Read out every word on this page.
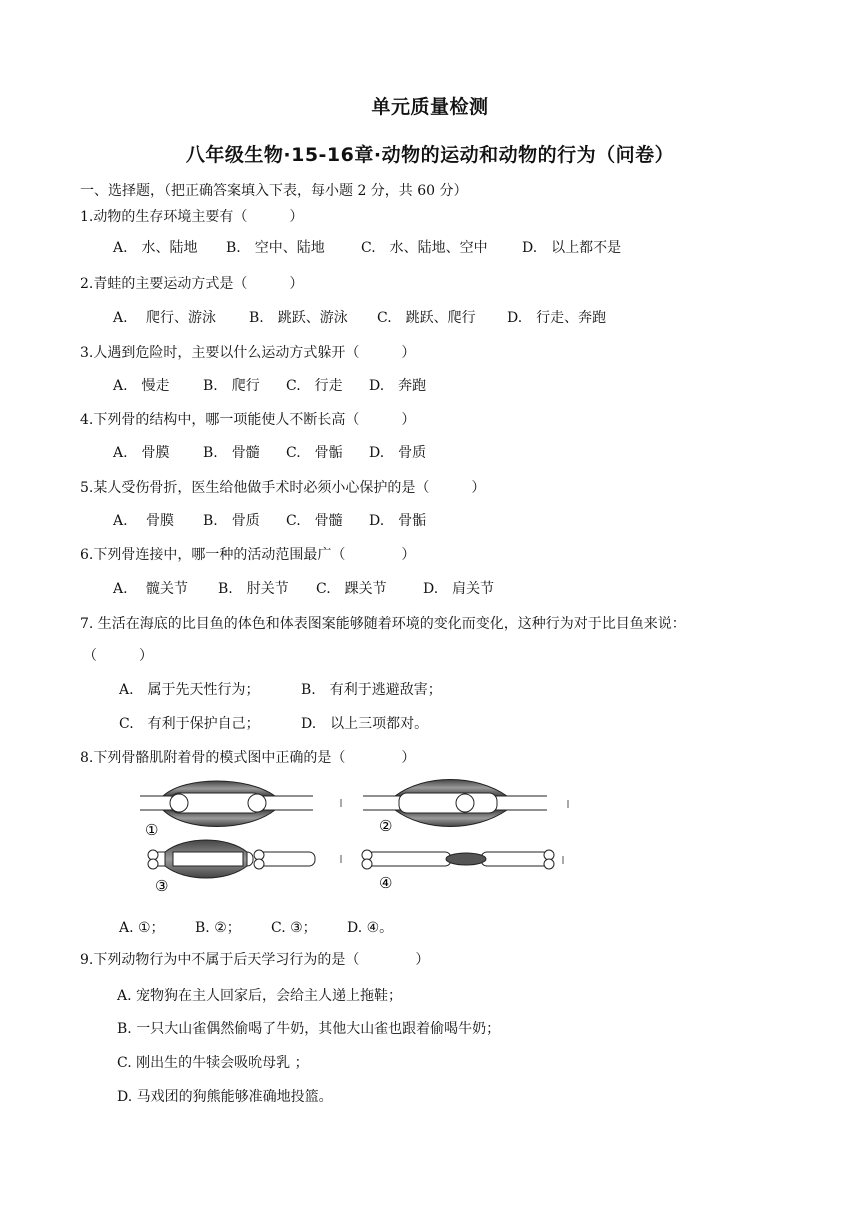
单元质量检测
八年级生物·15-16章·动物的运动和动物的行为（问卷）
一、选择题，（把正确答案填入下表，每小题 2 分，共 60 分）
1.动物的生存环境主要有（　　　）
A.　水、陆地 B.　空中、陆地	C.　水、陆地、空中 D.　以上都不是
2.青蛙的主要运动方式是（　　　）
A.　 爬行、游泳 B.　跳跃、游泳 C.　跳跃、爬行 D.　行走、奔跑
3.人遇到危险时，主要以什么运动方式躲开（　　　）
A.　慢走 B.　爬行 C.　行走 D.　奔跑
4.下列骨的结构中，哪一项能使人不断长高（　　　）
A.　骨膜 B.　骨髓 C.　骨骺 D.　骨质
5.某人受伤骨折，医生给他做手术时必须小心保护的是（　　　）
A.　 骨膜 B.　骨质 C.　骨髓 D.　骨骺
6.下列骨连接中，哪一种的活动范围最广（　　　　）
A.　 髋关节 B.　肘关节 C.　踝关节	D.　肩关节
7. 生活在海底的比目鱼的体色和体表图案能够随着环境的变化而变化，这种行为对于比目鱼来说：
（　　　）
A.　属于先天性行为；	B.　有利于逃避敌害；
C.　有利于保护自己；	D.　以上三项都对。
8.下列骨骼肌附着骨的模式图中正确的是（　　　　）
①	②
③	④
A. ①； B. ②； C. ③； D. ④。
9.下列动物行为中不属于后天学习行为的是（　　　　）
A. 宠物狗在主人回家后，会给主人递上拖鞋；
B. 一只大山雀偶然偷喝了牛奶，其他大山雀也跟着偷喝牛奶；
C. 刚出生的牛犊会吸吮母乳 ；
D. 马戏团的狗熊能够准确地投篮。
